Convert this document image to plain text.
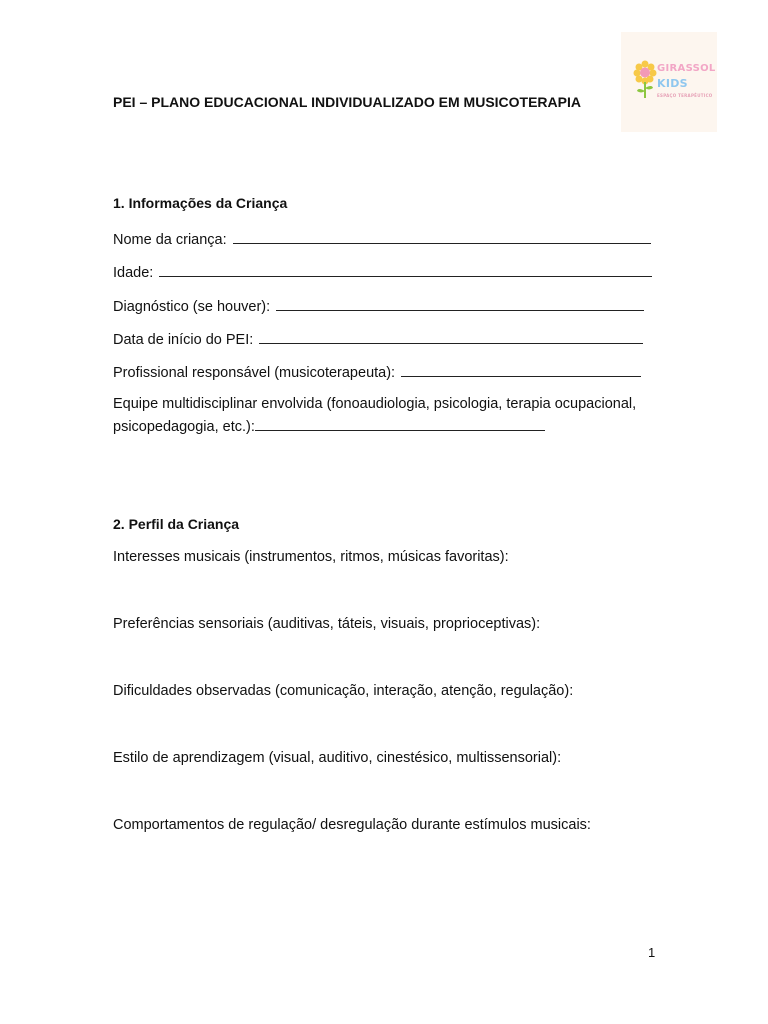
GIRASSOL
KIDS
ESPAÇO TERAPÊUTICO
PEI – PLANO EDUCACIONAL INDIVIDUALIZADO EM MUSICOTERAPIA
1. Informações da Criança
Nome da criança:
Idade:
Diagnóstico (se houver):
Data de início do PEI:
Profissional responsável (musicoterapeuta):
Equipe multidisciplinar envolvida (fonoaudiologia, psicologia, terapia ocupacional, psicopedagogia, etc.):
2. Perfil da Criança
Interesses musicais (instrumentos, ritmos, músicas favoritas):
Preferências sensoriais (auditivas, táteis, visuais, proprioceptivas):
Dificuldades observadas (comunicação, interação, atenção, regulação):
Estilo de aprendizagem (visual, auditivo, cinestésico, multissensorial):
Comportamentos de regulação/ desregulação durante estímulos musicais:
1
